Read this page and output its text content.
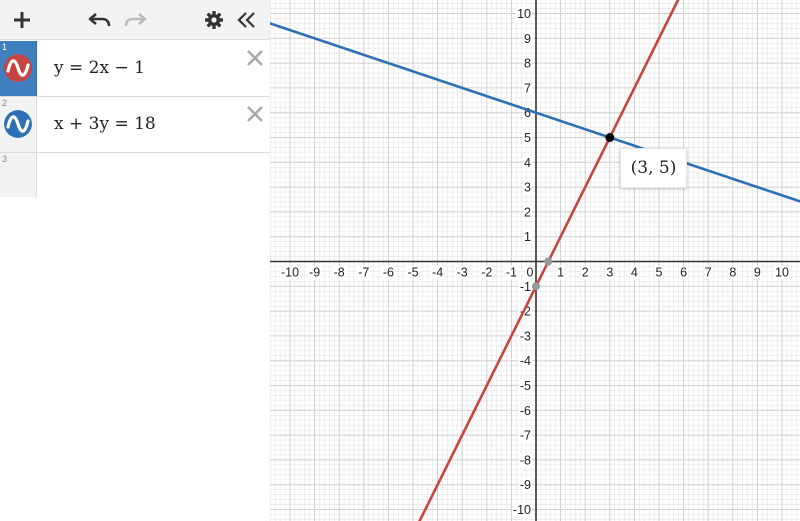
1
y = 2x − 1
2
x + 3y = 18
3
-10 -9 -8 -7 -6 -5 -4 -3 -2 -1 0 1 2 3 4 5 6 7 8 9 10
10
9
8
7
6
5
4
3
2
1
-1
-2
-3
-4
-5
-6
-7
-8
-9
-10
(3, 5)
